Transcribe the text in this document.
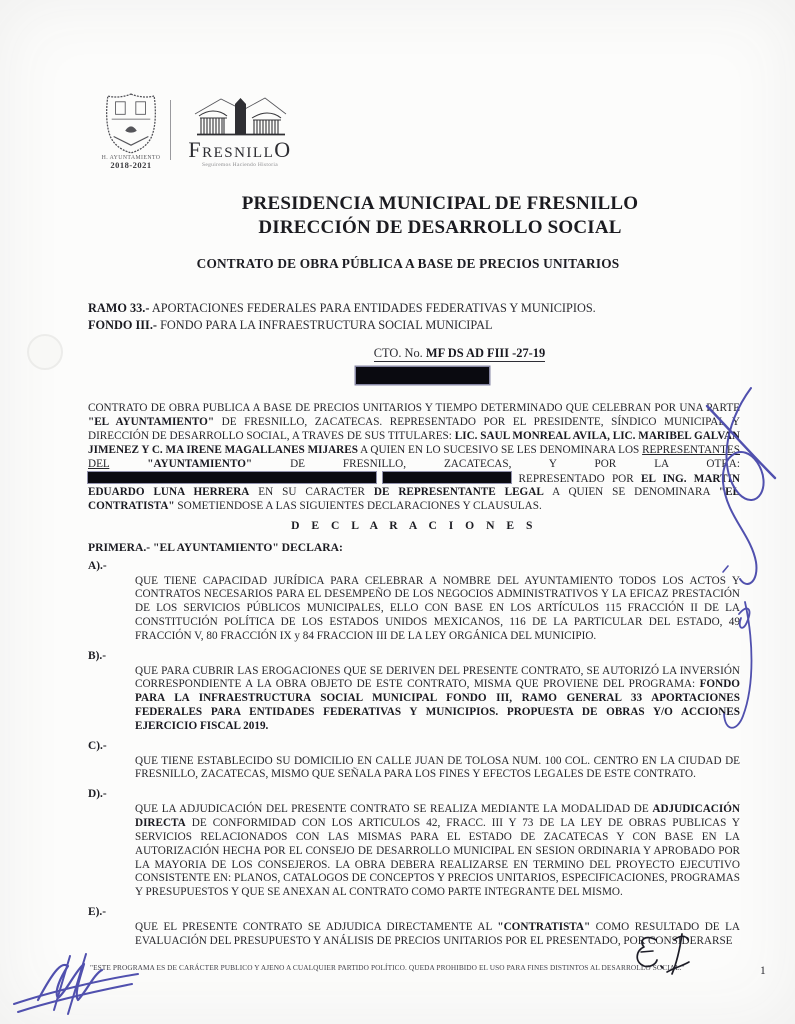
H. AYUNTAMIENTO
2018-2021
FresnillO
Seguiremos Haciendo Historia
PRESIDENCIA MUNICIPAL DE FRESNILLO
DIRECCIÓN DE DESARROLLO SOCIAL
CONTRATO DE OBRA PÚBLICA A BASE DE PRECIOS UNITARIOS
RAMO 33.- APORTACIONES FEDERALES PARA ENTIDADES FEDERATIVAS Y MUNICIPIOS.
FONDO III.- FONDO PARA LA INFRAESTRUCTURA SOCIAL MUNICIPAL
CTO. No. MF DS AD FIII -27-19

CONTRATO DE OBRA PUBLICA A BASE DE PRECIOS UNITARIOS Y TIEMPO DETERMINADO QUE CELEBRAN POR UNA PARTE "EL AYUNTAMIENTO" DE FRESNILLO, ZACATECAS. REPRESENTADO POR EL PRESIDENTE, SÍNDICO MUNICIPAL Y DIRECCIÓN DE DESARROLLO SOCIAL, A TRAVES DE SUS TITULARES: LIC. SAUL MONREAL AVILA, LIC. MARIBEL GALVAN JIMENEZ Y C. MA IRENE MAGALLANES MIJARES A QUIEN EN LO SUCESIVO SE LES DENOMINARA LOS REPRESENTANTES DEL	"AYUNTAMIENTO" DE FRESNILLO, ZACATECAS, Y POR LA OTRA:   REPRESENTADO POR EL ING. MARTIN EDUARDO LUNA HERRERA EN SU CARACTER DE REPRESENTANTE LEGAL A QUIEN SE DENOMINARA "EL CONTRATISTA" SOMETIENDOSE A LAS SIGUIENTES DECLARACIONES Y CLAUSULAS.

D E C L A R A C I O N E S
PRIMERA.- "EL AYUNTAMIENTO" DECLARA:
A).-

QUE TIENE CAPACIDAD JURÍDICA PARA CELEBRAR A NOMBRE DEL AYUNTAMIENTO TODOS LOS ACTOS Y CONTRATOS NECESARIOS PARA EL DESEMPEÑO DE LOS NEGOCIOS ADMINISTRATIVOS Y LA EFICAZ PRESTACIÓN DE LOS SERVICIOS PÚBLICOS MUNICIPALES, ELLO CON BASE EN LOS ARTÍCULOS 115 FRACCIÓN II DE LA CONSTITUCIÓN POLÍTICA DE LOS ESTADOS UNIDOS MEXICANOS, 116 DE LA PARTICULAR DEL ESTADO, 49 FRACCIÓN V, 80 FRACCIÓN IX y 84 FRACCION III DE LA LEY ORGÁNICA DEL MUNICIPIO.

B).-

QUE PARA CUBRIR LAS EROGACIONES QUE SE DERIVEN DEL PRESENTE CONTRATO, SE AUTORIZÓ LA INVERSIÓN CORRESPONDIENTE A LA OBRA OBJETO DE ESTE CONTRATO, MISMA QUE PROVIENE DEL PROGRAMA: FONDO PARA LA INFRAESTRUCTURA SOCIAL MUNICIPAL FONDO III, RAMO GENERAL 33 APORTACIONES FEDERALES PARA ENTIDADES FEDERATIVAS Y MUNICIPIOS. PROPUESTA DE OBRAS Y/O ACCIONES EJERCICIO FISCAL 2019.

C).-

QUE TIENE ESTABLECIDO SU DOMICILIO EN CALLE JUAN DE TOLOSA NUM. 100 COL. CENTRO EN LA CIUDAD DE FRESNILLO, ZACATECAS, MISMO QUE SEÑALA PARA LOS FINES Y EFECTOS LEGALES DE ESTE CONTRATO.

D).-

QUE LA ADJUDICACIÓN DEL PRESENTE CONTRATO SE REALIZA MEDIANTE LA MODALIDAD DE ADJUDICACIÓN DIRECTA DE CONFORMIDAD CON LOS ARTICULOS 42, FRACC. III Y 73 DE LA LEY DE OBRAS PUBLICAS Y SERVICIOS RELACIONADOS CON LAS MISMAS PARA EL ESTADO DE ZACATECAS Y CON BASE EN LA AUTORIZACIÓN HECHA POR EL CONSEJO DE DESARROLLO MUNICIPAL EN SESION ORDINARIA Y APROBADO POR LA MAYORIA DE LOS CONSEJEROS. LA OBRA DEBERA REALIZARSE EN TERMINO DEL PROYECTO EJECUTIVO CONSISTENTE EN: PLANOS, CATALOGOS DE CONCEPTOS Y PRECIOS UNITARIOS, ESPECIFICACIONES, PROGRAMAS Y PRESUPUESTOS Y QUE SE ANEXAN AL CONTRATO COMO PARTE INTEGRANTE DEL MISMO.

E).-

QUE EL PRESENTE CONTRATO SE ADJUDICA DIRECTAMENTE AL "CONTRATISTA" COMO RESULTADO DE LA EVALUACIÓN DEL PRESUPUESTO Y ANÁLISIS DE PRECIOS UNITARIOS POR EL PRESENTADO, POR CONSIDERARSE

"ESTE PROGRAMA ES DE CARÁCTER PUBLICO Y AJENO A CUALQUIER PARTIDO POLÍTICO. QUEDA PROHIBIDO EL USO PARA FINES DISTINTOS AL DESARROLLO SOCIAL."	1
